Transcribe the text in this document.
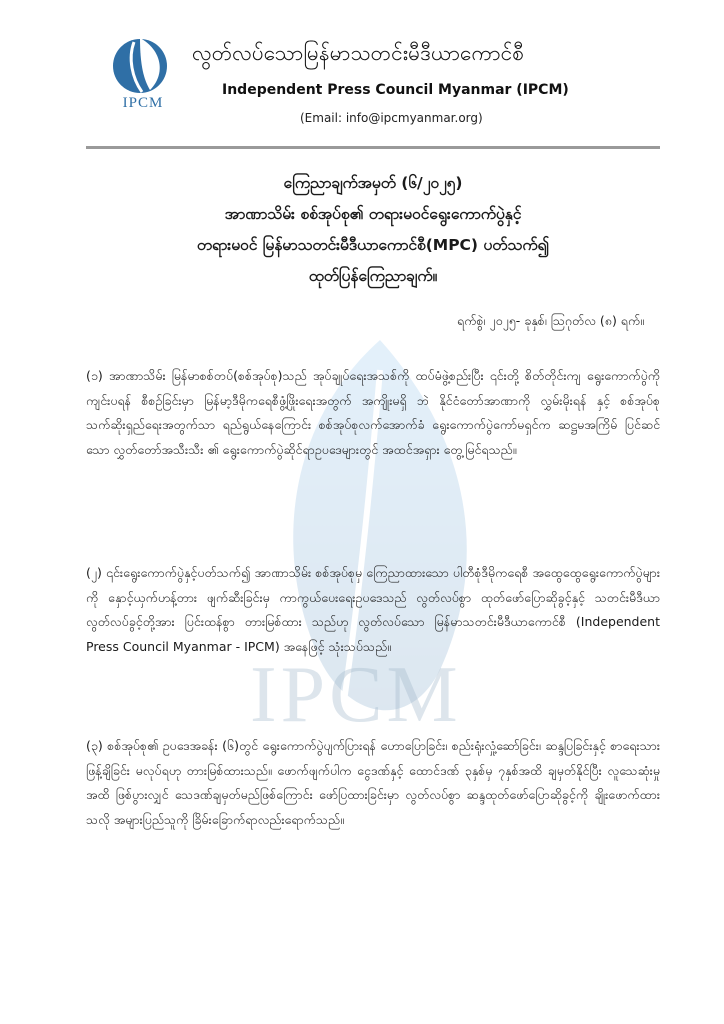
IPCM
IPCM
လွတ်လပ်သောမြန်မာသတင်းမီဒီယာကောင်စီ
Independent Press Council Myanmar (IPCM)
(Email: info@ipcmyanmar.org)
ကြေညာချက်အမှတ် (၆/၂၀၂၅)
အာဏာသိမ်း စစ်အုပ်စု၏ တရားမဝင်ရွေးကောက်ပွဲနှင့်
တရားမဝင် မြန်မာသတင်းမီဒီယာကောင်စီ(MPC) ပတ်သက်၍
ထုတ်ပြန်ကြေညာချက်။
ရက်စွဲ၊ ၂၀၂၅- ခုနှစ်၊ ဩဂုတ်လ (၈) ရက်။
(၁) အာဏာသိမ်း မြန်မာစစ်တပ်(စစ်အုပ်စု)သည် အုပ်ချုပ်ရေးအသစ်ကို ထပ်မံဖွဲ့စည်းပြီး ၎င်းတို့ စိတ်တိုင်းကျ ရွေးကောက်ပွဲကိုကျင်းပရန် စီစဉ်ခြင်းမှာ မြန်မာ့ဒီမိုကရေစီဖွံ့ဖြိုးရေးအတွက် အကျိုးမရှိ ဘဲ နိုင်ငံတော်အာဏာကို လွှမ်းမိုးရန် နှင့် စစ်အုပ်စု သက်ဆိုးရှည်ရေးအတွက်သာ ရည်ရွယ်နေကြောင်း စစ်အုပ်စုလက်အောက်ခံ ရွေးကောက်ပွဲကော်မရှင်က ဆဋ္ဌမအကြိမ် ပြင်ဆင်သော လွှတ်တော်အသီးသီး ၏ ရွေးကောက်ပွဲဆိုင်ရာဥပဒေများတွင် အထင်အရှား တွေ့မြင်ရသည်။
(၂) ၎င်းရွေးကောက်ပွဲနှင့်ပတ်သက်၍ အာဏာသိမ်း စစ်အုပ်စုမှ ကြေညာထားသော ပါတီစုံဒီမိုကရေစီ အထွေထွေရွေးကောက်ပွဲများကို နှောင့်ယှက်ဟန့်တား ဖျက်ဆီးခြင်းမှ ကာကွယ်ပေးရေးဥပဒေသည် လွတ်လပ်စွာ ထုတ်ဖော်ပြောဆိုခွင့်နှင့် သတင်းမီဒီယာလွတ်လပ်ခွင့်တို့အား ပြင်းထန်စွာ တားမြစ်ထား သည်ဟု လွတ်လပ်သော မြန်မာသတင်းမီဒီယာကောင်စီ (Independent Press Council Myanmar - IPCM) အနေဖြင့် သုံးသပ်သည်။
(၃) စစ်အုပ်စု၏ ဥပဒေအခန်း (၆)တွင် ရွေးကောက်ပွဲပျက်ပြားရန် ဟောပြောခြင်း၊ စည်းရုံးလှုံ့ဆော်ခြင်း၊ ဆန္ဒပြခြင်းနှင့် စာရေးသားဖြန့်ချိခြင်း မလုပ်ရဟု တားမြစ်ထားသည်။ ဖောက်ဖျက်ပါက ငွေဒဏ်နှင့် ထောင်ဒဏ် ၃နှစ်မှ ၇နှစ်အထိ ချမှတ်နိုင်ပြီး လူသေဆုံးမှုအထိ ဖြစ်ပွားလျှင် သေဒဏ်ချမှတ်မည်ဖြစ်ကြောင်း ဖော်ပြထားခြင်းမှာ လွတ်လပ်စွာ ဆန္ဒထုတ်ဖော်ပြောဆိုခွင့်ကို ချိုးဖောက်ထားသလို အများပြည်သူကို ခြိမ်းခြောက်ရာလည်းရောက်သည်။
